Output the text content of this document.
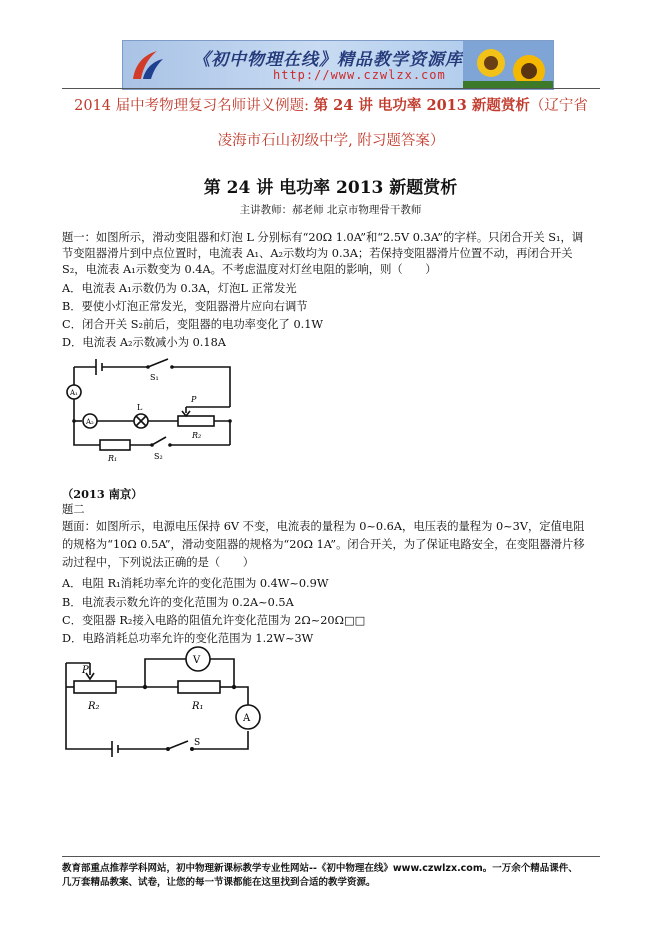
《初中物理在线》精品教学资源库
http://www.czwlzx.com
2014 届中考物理复习名师讲义例题: 第 24 讲 电功率 2013 新题赏析（辽宁省
凌海市石山初级中学, 附习题答案）
第 24 讲 电功率 2013 新题赏析
主讲教师：郝老师 北京市物理骨干教师
题一：如图所示，滑动变阻器和灯泡 L 分别标有“20Ω 1.0A”和“2.5V 0.3A”的字样。只闭合开关 S₁，调
节变阻器滑片到中点位置时，电流表 A₁、A₂示数均为 0.3A；若保持变阻器滑片位置不动，再闭合开关
S₂，电流表 A₁示数变为 0.4A。不考虑温度对灯丝电阻的影响，则（　　）
A．电流表 A₁示数仍为 0.3A，灯泡L 正常发光
B．要使小灯泡正常发光，变阻器滑片应向右调节
C．闭合开关 S₂前后，变阻器的电功率变化了 0.1W
D．电流表 A₂示数减小为 0.18A
A₁
A₂
S₁
L
P
R₂
R₁	S₂
（2013 南京）
题二
题面：如图所示，电源电压保持 6V 不变，电流表的量程为 0~0.6A，电压表的量程为 0~3V，定值电阻
的规格为“10Ω 0.5A”，滑动变阻器的规格为“20Ω 1A”。闭合开关，为了保证电路安全，在变阻器滑片移
动过程中，下列说法正确的是（　　）
A．电阻 R₁消耗功率允许的变化范围为 0.4W~0.9W
B．电流表示数允许的变化范围为 0.2A~0.5A
C．变阻器 R₂接入电路的阻值允许变化范围为 2Ω~20Ω□□
D．电路消耗总功率允许的变化范围为 1.2W~3W
V
A
S
P
R₂	R₁
教育部重点推荐学科网站，初中物理新课标教学专业性网站--《初中物理在线》www.czwlzx.com。一万余个精品课件、
几万套精品教案、试卷，让您的每一节课都能在这里找到合适的教学资源。
